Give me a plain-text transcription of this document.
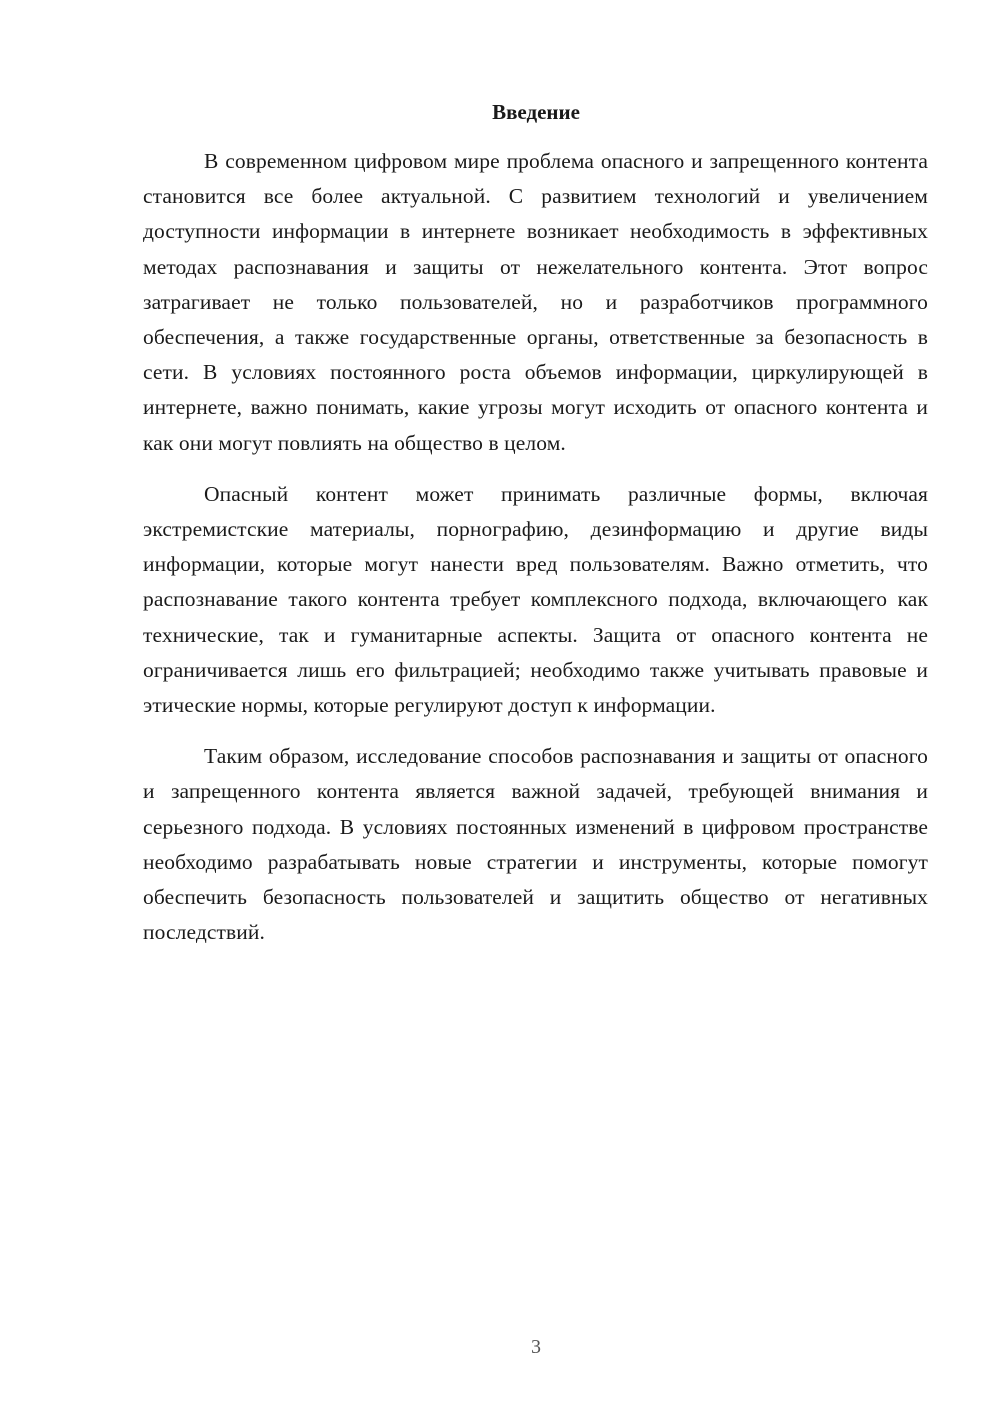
Введение

В современном цифровом мире проблема опасного и запрещенного контента становится все более актуальной. С развитием технологий и увеличением доступности информации в интернете возникает необходимость в эффективных методах распознавания и защиты от нежелательного контента. Этот вопрос затрагивает не только пользователей, но и разработчиков программного обеспечения, а также государственные органы, ответственные за безопасность в сети. В условиях постоянного роста объемов информации, циркулирующей в интернете, важно понимать, какие угрозы могут исходить от опасного контента и как они могут повлиять на общество в целом.

Опасный контент может принимать различные формы, включая экстремистские материалы, порнографию, дезинформацию и другие виды информации, которые могут нанести вред пользователям. Важно отметить, что распознавание такого контента требует комплексного подхода, включающего как технические, так и гуманитарные аспекты. Защита от опасного контента не ограничивается лишь его фильтрацией; необходимо также учитывать правовые и этические нормы, которые регулируют доступ к информации.

Таким образом, исследование способов распознавания и защиты от опасного и запрещенного контента является важной задачей, требующей внимания и серьезного подхода. В условиях постоянных изменений в цифровом пространстве необходимо разрабатывать новые стратегии и инструменты, которые помогут обеспечить безопасность пользователей и защитить общество от негативных последствий.

3
